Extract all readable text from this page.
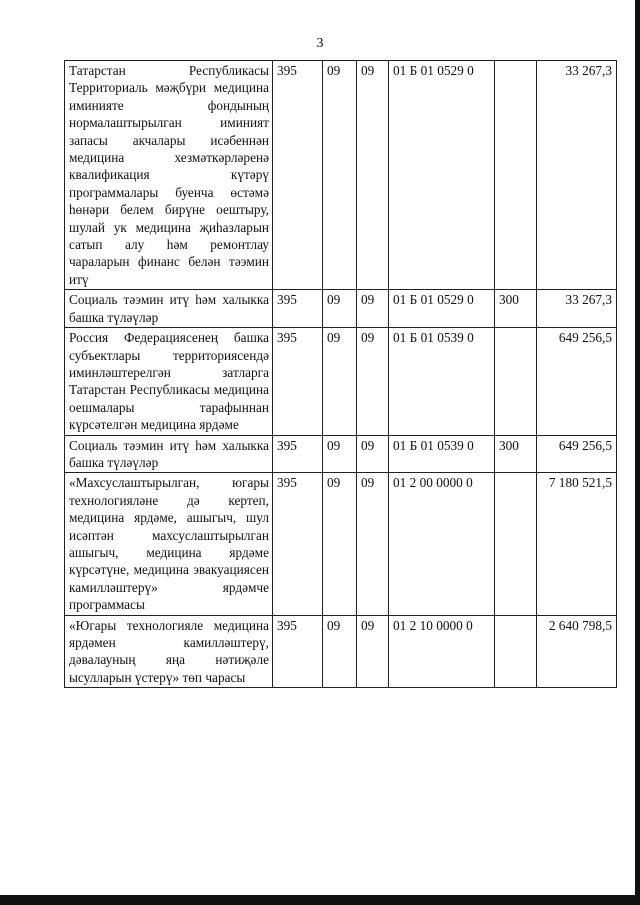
3
Татарстан Республикасы Территориаль мәҗбүри медицина иминияте фондының нормалаштырылган иминият запасы акчалары исәбеннән медицина хезмәткәрләренә квалификация күтәрү программалары буенча өстәмә һөнәри белем бирүне оештыру, шулай ук медицина җиһазларын сатып алу һәм ремонтлау чараларын финанс белән тәэмин итү	395	09	09	01 Б 01 0529 0		33 267,3
Социаль тәэмин итү һәм халыкка башка түләүләр	395	09	09	01 Б 01 0529 0	300	33 267,3
Россия Федерациясенең башка субъектлары территориясендә иминләштерелгән затларга Татарстан Республикасы медицина оешмалары тарафыннан күрсәтелгән медицина ярдәме	395	09	09	01 Б 01 0539 0		649 256,5
Социаль тәэмин итү һәм халыкка башка түләүләр	395	09	09	01 Б 01 0539 0	300	649 256,5
«Махсуслаштырылган, югары технологияләне дә кертеп, медицина ярдәме, ашыгыч, шул исәптән махсуслаштырылган ашыгыч, медицина ярдәме күрсәтүне, медицина эвакуациясен камилләштерү» ярдәмче программасы	395	09	09	01 2 00 0000 0		7 180 521,5
«Югары технологияле медицина ярдәмен камилләштерү, дәвалауның яңа нәтиҗәле ысулларын үстерү» төп чарасы	395	09	09	01 2 10 0000 0		2 640 798,5
